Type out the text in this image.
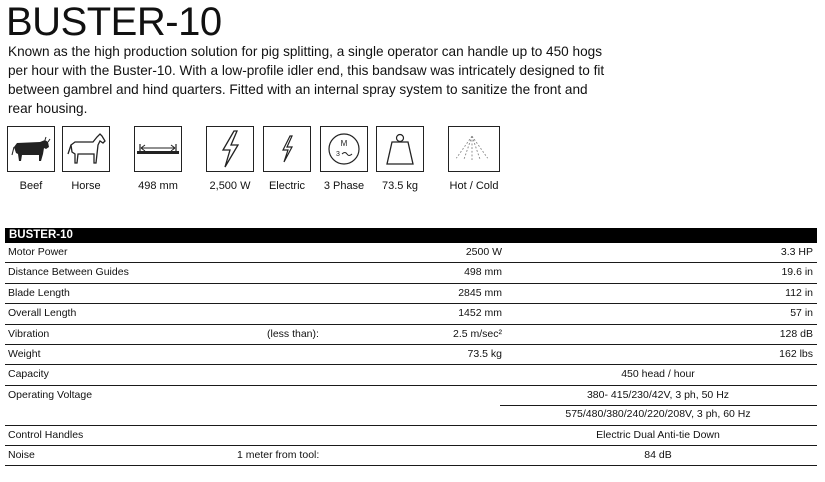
BUSTER-10

Known as the high production solution for pig splitting, a single operator can handle up to 450 hogs per hour with the Buster-10. With a low-profile idler end, this bandsaw was intricately designed to fit between gambrel and hind quarters. Fitted with an internal spray system to sanitize the front and rear housing.

Beef	Horse	498 mm	2,500 W	Electric
M
3
3 Phase	73.5 kg	Hot / Cold
BUSTER-10
Motor Power	2500 W	3.3 HP
Distance Between Guides	498 mm	19.6 in
Blade Length	2845 mm	112 in
Overall Length	1452 mm	57 in
Vibration	(less than):	2.5 m/sec²	128 dB
Weight	73.5 kg	162 lbs
Capacity	450 head / hour
Operating Voltage	380- 415/230/42V, 3 ph, 50 Hz
575/480/380/240/220/208V, 3 ph, 60 Hz
Control Handles	Electric Dual Anti-tie Down
Noise	1 meter from tool:	84 dB
